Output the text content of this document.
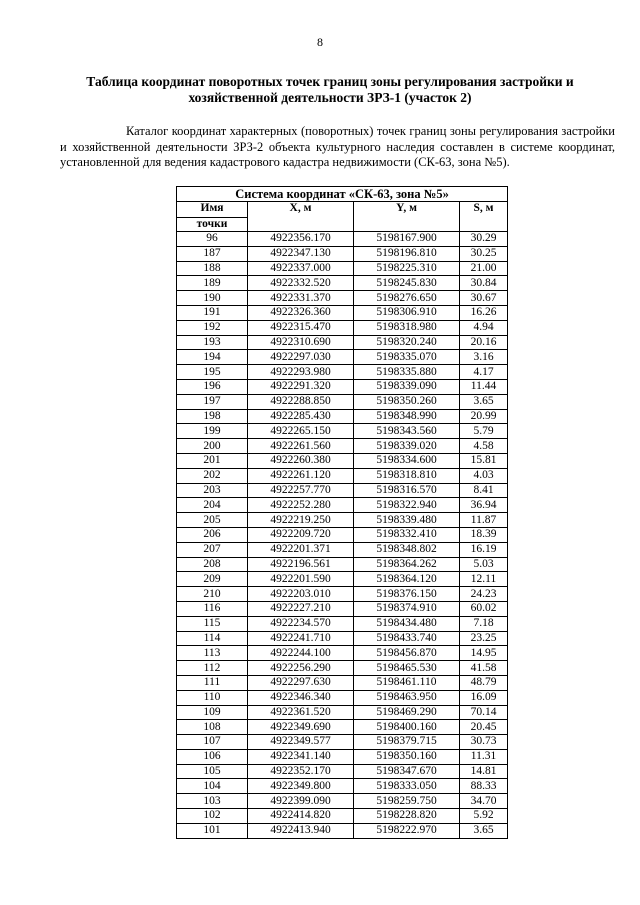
8
Таблица координат поворотных точек границ зоны регулирования застройки и
хозяйственной деятельности ЗРЗ-1 (участок 2)
Каталог координат характерных (поворотных) точек границ зоны регулирования застройки и хозяйственной деятельности ЗРЗ-2 объекта культурного наследия составлен в системе координат, установленной для ведения кадастрового кадастра недвижимости (СК-63, зона №5).
Система координат «СК-63, зона №5»			
Имя	X, м	Y, м	S, м
точки			
96	4922356.170	5198167.900	30.29
187	4922347.130	5198196.810	30.25
188	4922337.000	5198225.310	21.00
189	4922332.520	5198245.830	30.84
190	4922331.370	5198276.650	30.67
191	4922326.360	5198306.910	16.26
192	4922315.470	5198318.980	4.94
193	4922310.690	5198320.240	20.16
194	4922297.030	5198335.070	3.16
195	4922293.980	5198335.880	4.17
196	4922291.320	5198339.090	11.44
197	4922288.850	5198350.260	3.65
198	4922285.430	5198348.990	20.99
199	4922265.150	5198343.560	5.79
200	4922261.560	5198339.020	4.58
201	4922260.380	5198334.600	15.81
202	4922261.120	5198318.810	4.03
203	4922257.770	5198316.570	8.41
204	4922252.280	5198322.940	36.94
205	4922219.250	5198339.480	11.87
206	4922209.720	5198332.410	18.39
207	4922201.371	5198348.802	16.19
208	4922196.561	5198364.262	5.03
209	4922201.590	5198364.120	12.11
210	4922203.010	5198376.150	24.23
116	4922227.210	5198374.910	60.02
115	4922234.570	5198434.480	7.18
114	4922241.710	5198433.740	23.25
113	4922244.100	5198456.870	14.95
112	4922256.290	5198465.530	41.58
111	4922297.630	5198461.110	48.79
110	4922346.340	5198463.950	16.09
109	4922361.520	5198469.290	70.14
108	4922349.690	5198400.160	20.45
107	4922349.577	5198379.715	30.73
106	4922341.140	5198350.160	11.31
105	4922352.170	5198347.670	14.81
104	4922349.800	5198333.050	88.33
103	4922399.090	5198259.750	34.70
102	4922414.820	5198228.820	5.92
101	4922413.940	5198222.970	3.65
